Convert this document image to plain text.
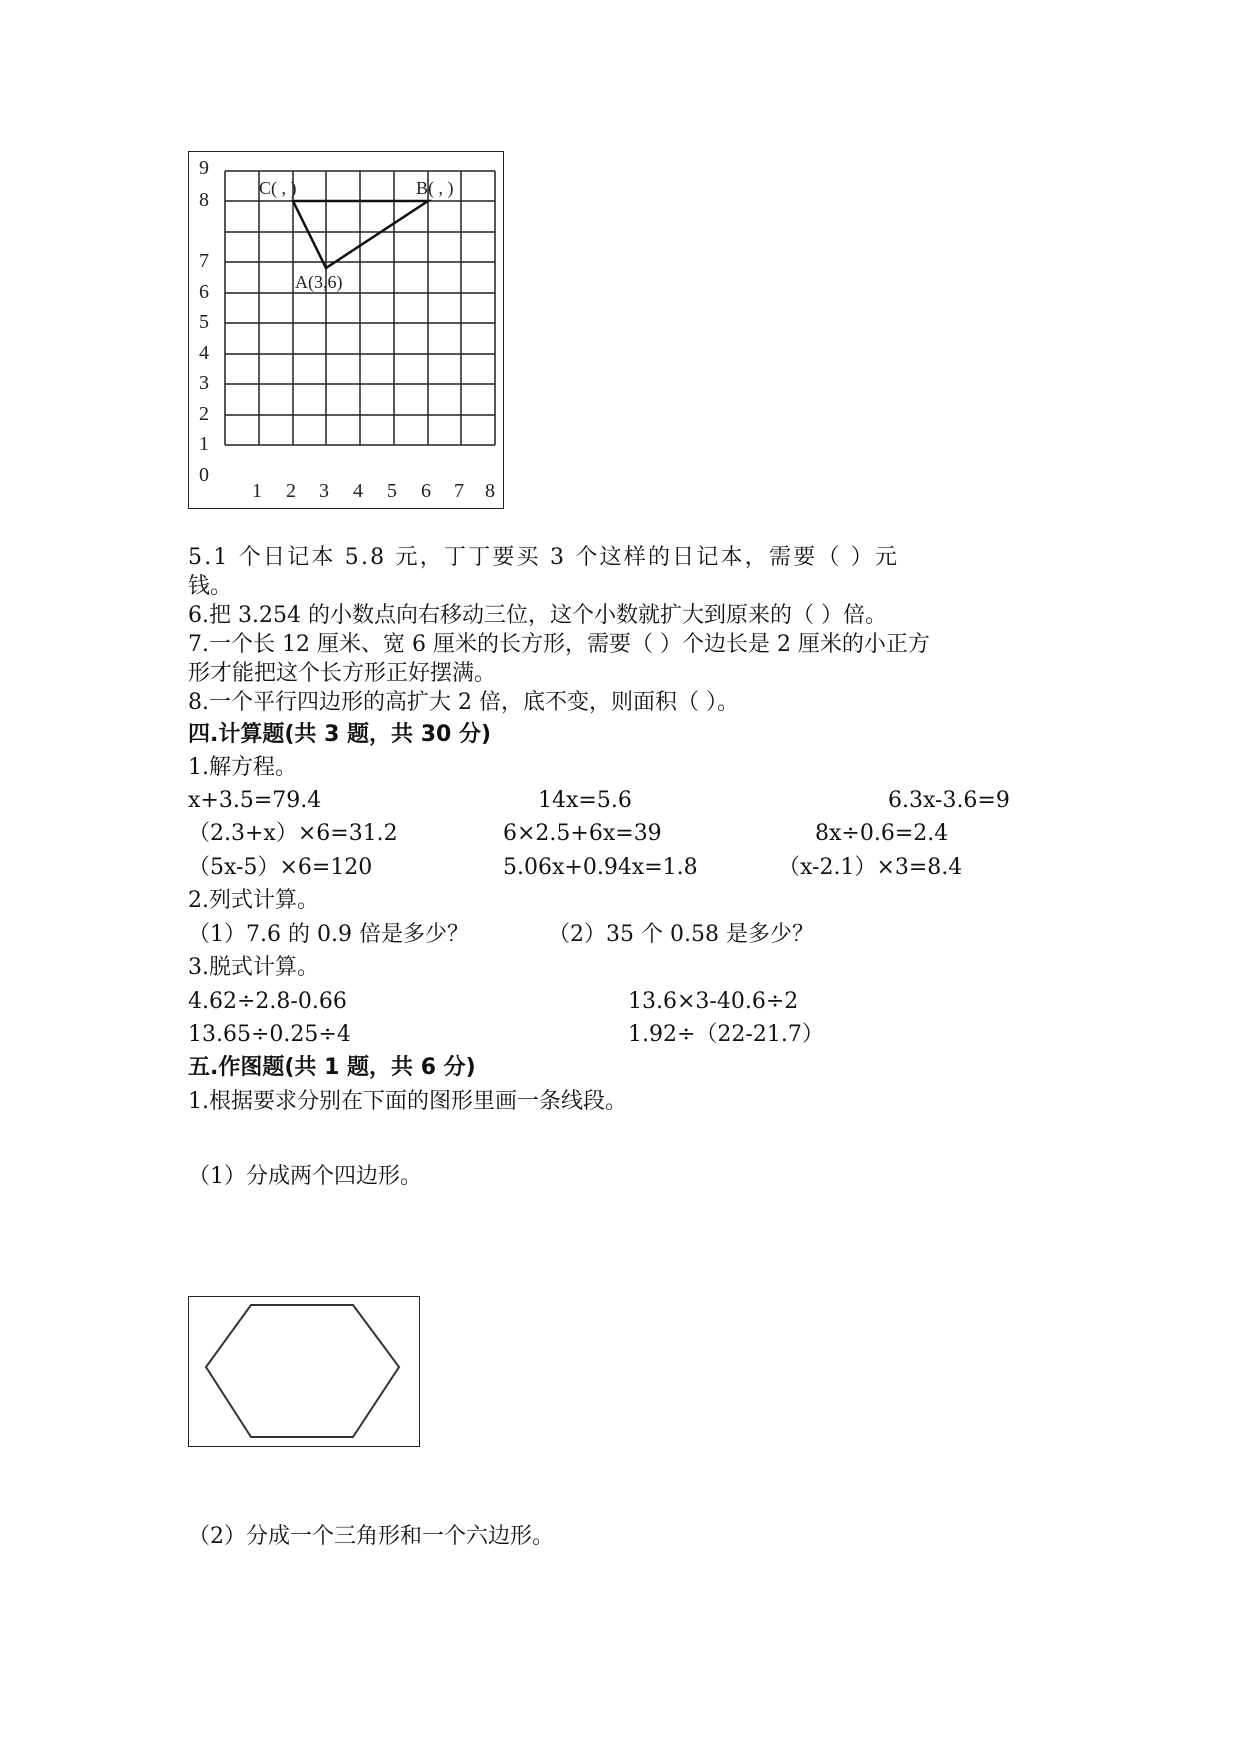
0
1
2
3
4
5
6
7
8
9
1 2 3 4 5 6 7 8
C( , )	B( , )
A(3,6)
5.1 个日记本 5.8 元，丁丁要买 3 个这样的日记本，需要（ ）元
钱。
6.把 3.254 的小数点向右移动三位，这个小数就扩大到原来的（ ）倍。
7.一个长 12 厘米、宽 6 厘米的长方形，需要（ ）个边长是 2 厘米的小正方
形才能把这个长方形正好摆满。
8.一个平行四边形的高扩大 2 倍，底不变，则面积（ ）。
四.计算题(共 3 题，共 30 分)
1.解方程。
x+3.5=79.4	14x=5.6	6.3x-3.6=9
（2.3+x）×6=31.2	6×2.5+6x=39	8x÷0.6=2.4
（5x-5）×6=120	5.06x+0.94x=1.8	（x-2.1）×3=8.4
2.列式计算。
（1）7.6 的 0.9 倍是多少？	（2）35 个 0.58 是多少？
3.脱式计算。
4.62÷2.8-0.66	13.6×3-40.6÷2
13.65÷0.25÷4	1.92÷（22-21.7）
五.作图题(共 1 题，共 6 分)
1.根据要求分别在下面的图形里画一条线段。
（1）分成两个四边形。
（2）分成一个三角形和一个六边形。
